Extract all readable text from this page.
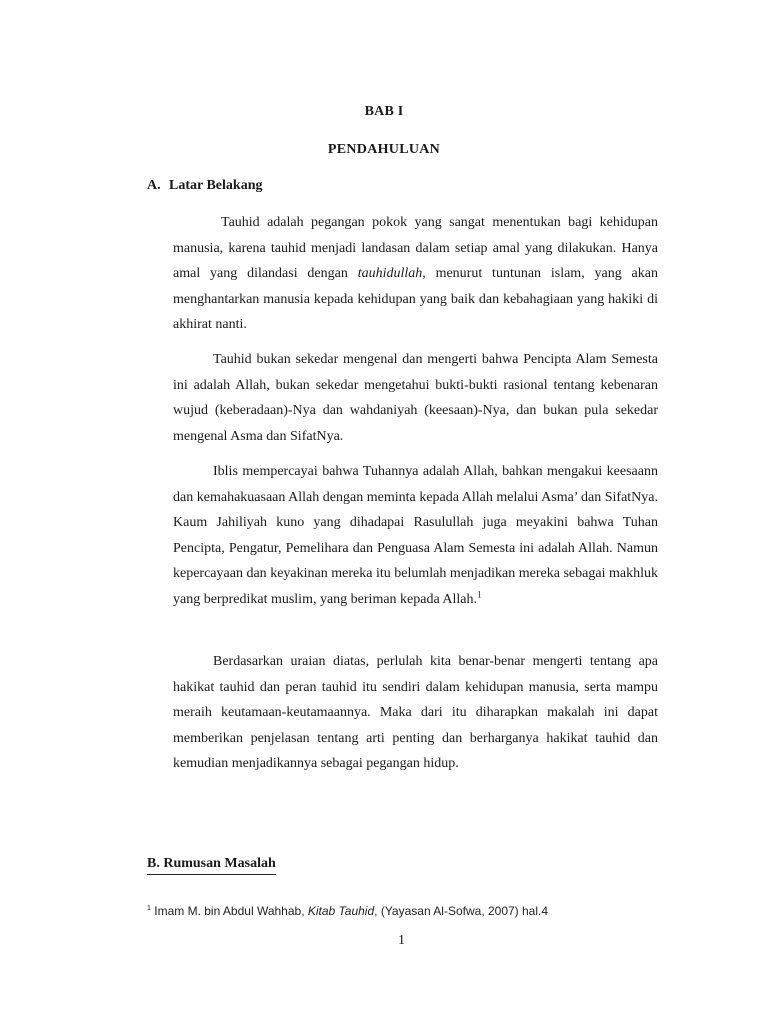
BAB I
PENDAHULUAN
A. Latar Belakang

Tauhid adalah pegangan pokok yang sangat menentukan bagi kehidupan manusia, karena tauhid menjadi landasan dalam setiap amal yang dilakukan. Hanya amal yang dilandasi dengan tauhidullah, menurut tuntunan islam, yang akan menghantarkan manusia kepada kehidupan yang baik dan kebahagiaan yang hakiki di akhirat nanti.

Tauhid bukan sekedar mengenal dan mengerti bahwa Pencipta Alam Semesta ini adalah Allah, bukan sekedar mengetahui bukti-bukti rasional tentang kebenaran wujud (keberadaan)-Nya dan wahdaniyah (keesaan)-Nya, dan bukan pula sekedar mengenal Asma dan SifatNya.

Iblis mempercayai bahwa Tuhannya adalah Allah, bahkan mengakui keesaann dan kemahakuasaan Allah dengan meminta kepada Allah melalui Asma’ dan SifatNya. Kaum Jahiliyah kuno yang dihadapai Rasulullah juga meyakini bahwa Tuhan Pencipta, Pengatur, Pemelihara dan Penguasa Alam Semesta ini adalah Allah. Namun kepercayaan dan keyakinan mereka itu belumlah menjadikan mereka sebagai makhluk yang berpredikat muslim, yang beriman kepada Allah.$^1$

Berdasarkan uraian diatas, perlulah kita benar-benar mengerti tentang apa hakikat tauhid dan peran tauhid itu sendiri dalam kehidupan manusia, serta mampu meraih keutamaan-keutamaannya. Maka dari itu diharapkan makalah ini dapat memberikan penjelasan tentang arti penting dan berharganya hakikat tauhid dan kemudian menjadikannya sebagai pegangan hidup.

B. Rumusan Masalah
$^1$ Imam M. bin Abdul Wahhab, Kitab Tauhid, (Yayasan Al-Sofwa, 2007) hal.4
1
